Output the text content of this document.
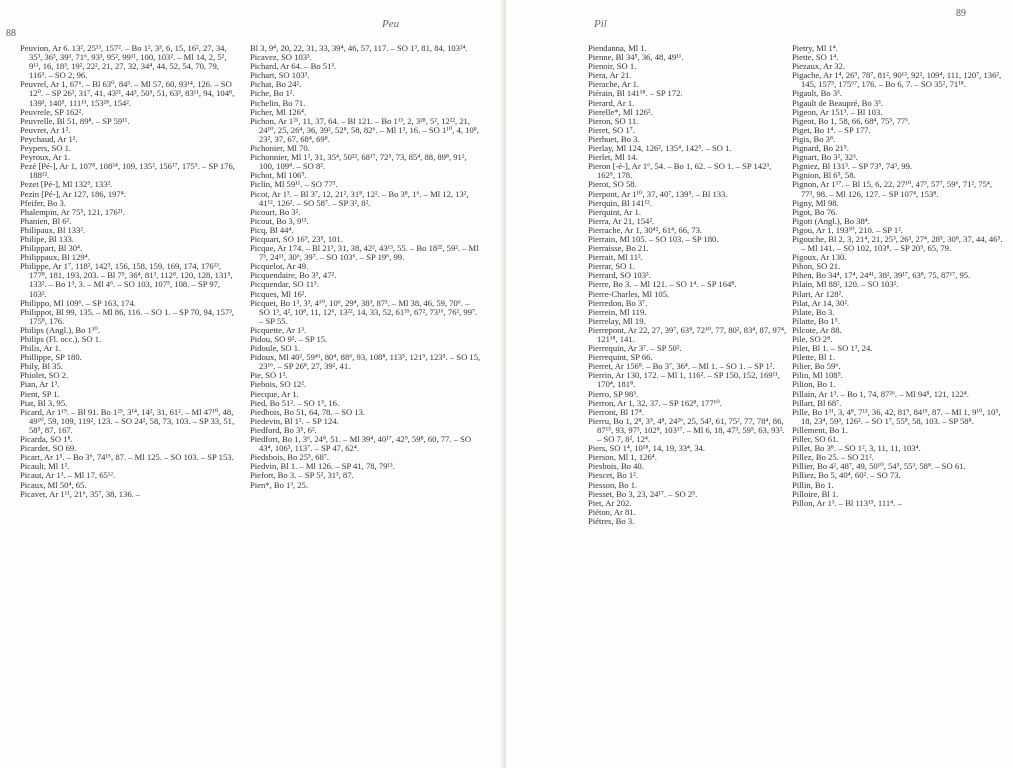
88
Peu

Peuvion, Ar 6. 13², 25¹³, 157². – Bo 1², 3³, 6, 15, 16², 27, 34, 35³, 36³, 39³, 71⁶, 93³, 95², 99¹¹, 100, 103². – Ml 14, 2, 5², 9¹¹, 16, 18³, 19², 22², 21, 27, 32, 34⁴, 44, 52, 54, 70, 79, 116³. – SO 2, 96.

Peuvrel, Ar 1, 67⁶. – Bl 63⁰, 84³. – Ml 57, 60, 93¹⁴, 126. – SO 12⁰. – SP 26³, 31⁷, 41, 43²¹, 44³, 50⁵, 51, 63³, 83¹¹, 94, 104⁸, 139³, 140⁵, 111¹³, 153²⁸, 154².

Peuvrele, SP 162².

Peuvrelle, Bl 51, 89⁸. – SP 59¹¹.

Peuvret, Ar 1².

Peychaud, Ar 1².

Peypers, SO 1.

Peyroux, Ar 1.

Pezé [Pé-], Ar 1, 107⁸, 108²⁴, 109, 135², 156¹⁷, 175⁵. – SP 176, 188¹².

Pezet [Pé-], Ml 132⁵, 133².

Pezin [Pé-], Ar 127, 186, 197⁴.

Pfeifer, Bo 3.

Phalempin, Ar 75⁵, 121, 176²¹.

Phanien, Bl 6².

Philipaux, Bl 133².

Philipe, Bl 133.

Philippart, Bl 30⁴.

Philippaux, Bl 129⁴.

Philippe, Ar 1⁷, 118², 142⁵, 156, 158, 159, 169, 174, 176¹³, 177⁸, 181, 193, 203. – Bl 7⁵, 36⁴, 81³, 112⁸, 120, 128, 131⁵, 133². – Bo 1³, 3. – Ml 4⁶. – SO 103, 107⁵, 108. – SP 97, 103².

Philippo, Ml 109⁶. – SP 163, 174.

Philippot, Bl 99, 135. – Ml 86, 116. – SO 1. – SP 70, 94, 157³, 175⁸, 176.

Philips (Angl.), Bo 1¹⁰.

Philips (Fl. occ.), SO 1.

Philis, Ar 1.

Phillippe, SP 180.

Phily, Bl 35.

Phiolet, SO 2.

Pian, Ar 1³.

Pient, SP 1.

Piat, Bl 3, 95.

Picard, Ar 1¹⁹. – Bl 91. Bo 1²⁵, 3¹⁴, 14², 31, 61². – Ml 47¹⁰, 48, 49¹⁰, 59, 109, 119², 123. – SO 24², 58, 73, 103. – SP 33, 51, 58⁵, 87, 167.

Picarda, SO 1⁸.

Picardet, SO 69.

Picart, Ar 1⁵. – Bo 3⁶, 74¹⁵, 87. – Ml 125. – SO 103. – SP 153.

Picault, Ml 1².

Picaut, Ar 1¹. – Ml 17, 65¹².

Picaux, Ml 50⁴, 65.

Picavet, Ar 1¹¹, 21⁶, 35⁷, 38, 136. –

Bl 3, 9⁴, 20, 22, 31, 33, 39⁴, 46, 57, 117. – SO 1³, 81, 84, 103²⁴.

Picavez, SO 103³.

Pichard, Ar 64. – Bo 51³.

Pichart, SO 103³.

Pichat, Bo 24².

Piche, Bo 1².

Pichelin, Bo 71.

Picher, Ml 126⁴.

Pichon, Ar 1²¹, 11, 37, 64. – Bl 121. – Bo 1¹³, 2, 3²⁸, 5², 12²², 21, 24¹⁰, 25, 26⁴, 36, 39², 52⁸, 58, 82⁶. – Ml 1³, 16. – SO 1¹⁰, 4, 10⁸, 23², 37, 67, 68⁴, 69⁸.

Pichonier, Ml 70.

Pichonnier, Ml 1², 31, 35⁴, 50²², 68¹⁷, 72⁵, 73, 85⁴, 88, 89⁸, 91², 100, 109⁸. – SO 8².

Pichot, Ml 106⁹.

Piclin, Ml 59¹¹. – SO 77³.

Picot, Ar 1³. – Bl 3⁷, 12, 21², 31⁸, 12². – Bo 3⁸, 1⁶. – Ml 12, 13², 41¹², 126². – SO 58⁷. – SP 3², 8².

Picourt, Bo 3².

Picout, Bo 3, 9¹³.

Picq, Bl 44⁴.

Picquart, SO 16⁹, 23⁵, 101.

Picque, Ar 174. – Bl 21³, 31, 38, 42², 43¹³, 55. – Bo 18²², 59². – Ml 7³, 24¹¹, 30⁶, 39⁷. – SO 103⁶. – SP 19⁶, 99.

Picquelot, Ar 49.

Picquendaire, Bo 3⁵, 47².

Picquendar, SO 11³.

Picques, Ml 16².

Picquet, Bo 1³, 3³, 4¹⁰, 10⁶, 29⁴, 38³, 87³. – Ml 38, 46, 59, 70⁶. – SO 1³, 4², 10⁸, 11, 12⁶, 13²², 14, 33, 52, 61³⁵, 67², 73¹⁶, 76², 99⁷. – SP 55.

Picquette, Ar 1³.

Pidou, SO 9². – SP 15.

Pidoule, SO 1.

Pidoux, Ml 40², 59⁴¹, 80⁴, 88⁶, 93, 108⁸, 113⁵, 121⁹, 123⁵. – SO 15, 23¹⁶. – SP 26⁸, 27, 39², 41.

Pie, SO 1².

Piebois, SO 12².

Piecque, Ar 1.

Pied, Bo 51². – SO 1⁵, 16.

Piedbois, Bo 51, 64, 78. – SO 13.

Piedevin, Bl 1². – SP 124.

Piedford, Bo 3⁵, 6².

Piedfort, Bo 1, 3⁶, 24⁸, 51. – Ml 39⁴, 40¹⁷, 42⁹, 59⁸, 60, 77. – SO 43⁴, 106³, 113⁷. – SP 47, 62⁴.

Piedsbois, Bo 25⁵, 68⁷.

Piedvin, Bl 1. – Ml 126. – SP 41, 78, 79¹³.

Piefort, Bo 3. – SP 5², 31³, 87.

Pien*, Bo 1³, 25.

89
Pil

Piendanna, Ml 1.

Pienne, Bl 34⁵, 36, 48, 49¹¹.

Pienoir, SO 1.

Piera, Ar 21.

Pierache, Ar 1.

Piérain, Bl 141¹⁸. – SP 172.

Pierard, Ar 1.

Pierelle*, Ml 126².

Pieron, SO 11.

Pieret, SO 1⁷.

Pierhuet, Bo 3.

Pierlay, Ml 124, 126², 135⁴, 142⁵. – SO 1.

Pierlet, Ml 14.

Pieron [-é-], Ar 1⁶, 54. – Bo 1, 62. – SO 1. – SP 142³, 162⁵, 178.

Pierot, SO 58.

Pierpont, Ar 1¹⁰, 37, 40⁷, 139⁵. – Bl 133.

Pierquin, Bl 141¹².

Pierquint, Ar 1.

Pierra, Ar 21, 154².

Pierrache, Ar 1, 30⁴², 61⁴, 66, 73.

Pierrain, Ml 105. – SO 103. – SP 180.

Pierraisse, Bo 21.

Pierrait, Ml 11².

Pierrar, SO 1.

Pierrard, SO 103³.

Pierre, Bo 3. – Ml 121. – SO 1⁴. – SP 164⁸.

Pierre-Charles, Ml 105.

Pierredon, Bo 3⁷.

Pierrein, Ml 119.

Pierrelay, Ml 19.

Pierrepont, Ar 22, 27, 39⁷, 63⁸, 72¹⁰, 77, 80², 83⁴, 87, 97⁴, 121¹⁸, 141.

Pierrequin, Ar 3⁷. – SP 50².

Pierrequint, SP 66.

Pierret, Ar 156⁸. – Bo 3⁷, 36⁴. – Ml 1. – SO 1. – SP 1².

Pierrin, Ar 130, 172. – Ml 1, 116². – SP 150, 152, 169¹¹, 170⁴, 181⁸.

Pierro, SP 98³.

Pierron, Ar 1, 32, 37. – SP 162⁸, 177¹⁰.

Pierront, Bl 17⁴.

Pierru, Bo 1, 2⁸, 3⁵, 4⁸, 24²⁶, 25, 54³, 61, 75², 77, 78⁴, 86, 87¹⁵, 93, 97³, 102⁸, 103¹⁷. – Ml 6, 18, 47³, 59⁵, 63, 93². – SO 7, 8², 12⁴.

Piers, SO 1⁴, 10¹⁸, 14, 19, 33⁴, 34.

Pierson, Ml 1, 126⁴.

Piesbois, Bo 40.

Piescet, Bo 1².

Piesson, Bo 1.

Piesset, Bo 3, 23, 24¹⁷. – SO 2⁵.

Piet, Ar 202.

Piéton, Ar 81.

Piétres, Bo 3.

Pietry, Ml 1⁴.

Piette, SO 1⁴.

Piezaux, Ar 32.

Pigache, Ar 1⁴, 26⁹, 78⁷, 81², 90¹³, 92², 109⁴, 111, 120⁷, 136², 145, 157⁵, 175⁶⁷, 176. – Bo 6, 7. – SO 35², 71¹⁸.

Pigault, Bo 3³.

Pigault de Beaupré, Bo 3³.

Pigeon, Ar 151³. – Bl 103.

Pigeot, Bo 1, 58, 66, 68⁴, 75⁵, 77³.

Piget, Bo 1⁴. – SP 177.

Pigis, Bo 3⁸.

Pignard, Bo 21⁵.

Pignart, Bo 3², 32³.

Pigniez, Bl 131³. – SP 73⁵, 74³, 99.

Pignion, Bl 6⁵, 58.

Pignon, Ar 1¹⁷. – Bl 15, 6, 22, 27¹⁰, 47³, 57⁷, 59⁶, 71², 75⁴, 77³, 98. – Ml 126, 127. – SP 107⁴, 153⁸.

Pigny, Ml 98.

Pigot, Bo 76.

Pigott (Angl.), Bo 38⁴.

Pigou, Ar 1, 193¹⁰, 210. – SP 1².

Pigouche, Bl 2, 3, 21⁴, 21, 25³, 26³, 27⁴, 28⁵, 30⁸, 37, 44, 46⁵. – Ml 141. – SO 102, 103⁸. – SP 20⁵, 65, 79.

Pigoux, Ar 130.

Pihon, SO 21.

Pihen, Bo 34⁴, 17⁴, 24⁴¹, 38², 39¹⁷, 63⁸, 75, 87¹⁷, 95.

Pilain, Ml 88², 120. – SO 103².

Pilart, Ar 128².

Pilat, Ar 14, 30².

Pilate, Bo 3.

Pilatte, Bo 1⁵.

Pilcote, Ar 88.

Pile, SO 2⁸.

Pilet, Bl 1. – SO 1³, 24.

Pilette, Bl 1.

Pilier, Bo 59⁶.

Pilin, Ml 108⁹.

Pilion, Bo 1.

Pillain, Ar 1³. – Bo 1, 74, 87²⁶. – Ml 94⁸, 121, 122⁴.

Pillart, Bl 68⁷.

Pille, Bo 1³¹, 3, 4⁸, 7¹³, 36, 42, 81⁹, 84¹⁵, 87. – Ml 1, 9¹⁰, 10⁵, 18, 23⁴, 59³, 126². – SO 1⁷, 55⁸, 58, 103. – SP 58⁸.

Pillement, Bo 1.

Piller, SO 61.

Pillet, Bo 3⁸. – SO 1², 3, 11, 11, 103⁴.

Pillez, Bo 25. – SO 21².

Pillier, Bo 4², 48⁷, 49, 50¹⁰, 54⁵, 55³, 58⁸. – SO 61.

Pilliez, Bo 5, 40⁴, 60². – SO 73.

Pillin, Bo 1.

Pilloire, Bl 1.

Pillon, Ar 1³. – Bl 113¹⁵, 111⁴. –
